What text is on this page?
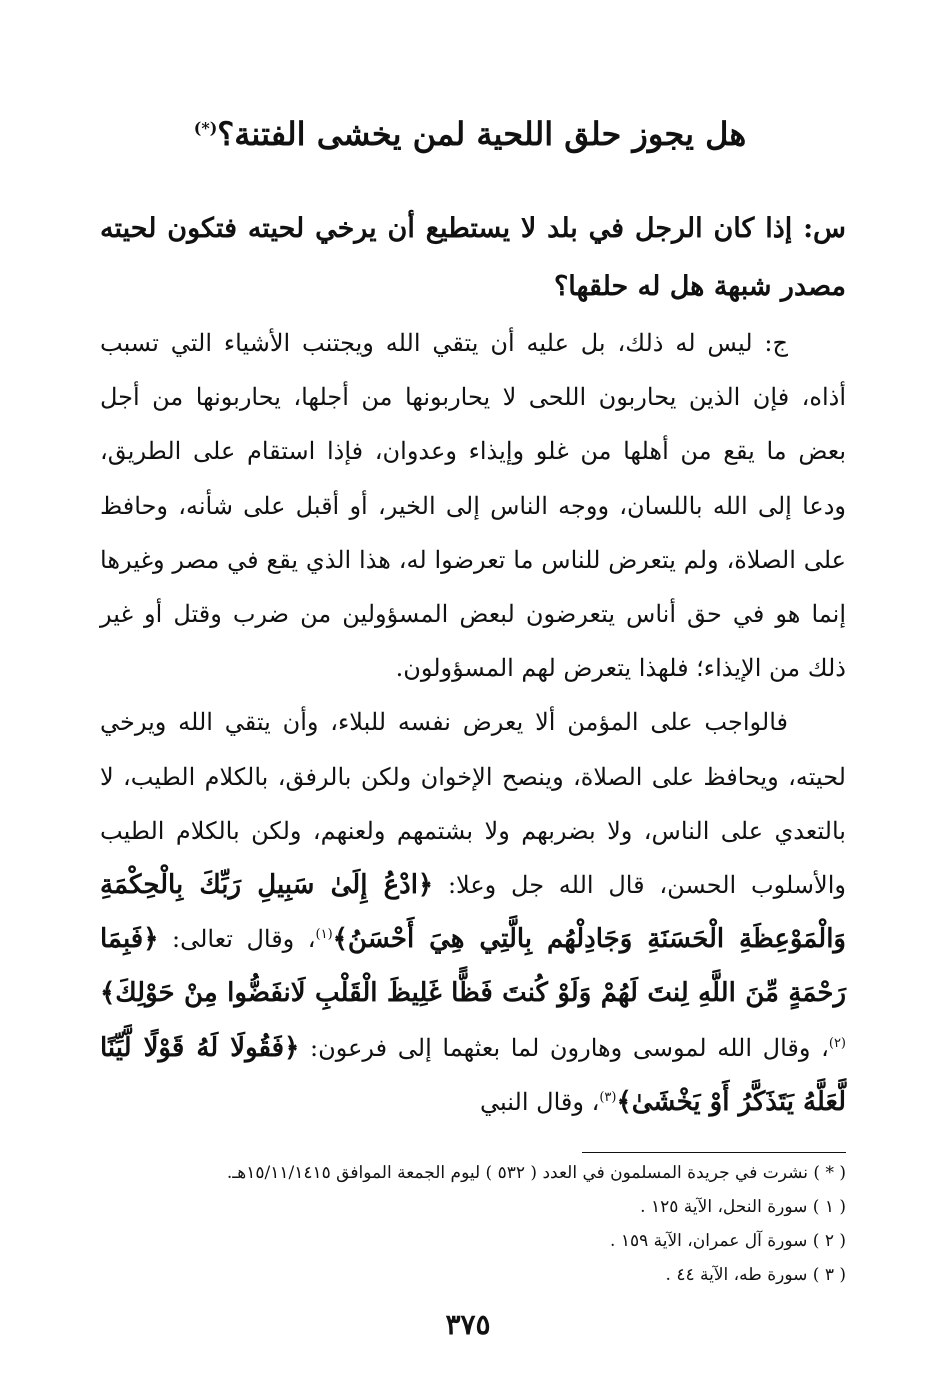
هل يجوز حلق اللحية لمن يخشى الفتنة؟(*)

س: إذا كان الرجل في بلد لا يستطيع أن يرخي لحيته فتكون لحيته مصدر شبهة هل له حلقها؟

ج: ليس له ذلك، بل عليه أن يتقي الله ويجتنب الأشياء التي تسبب أذاه، فإن الذين يحاربون اللحى لا يحاربونها من أجلها، يحاربونها من أجل بعض ما يقع من أهلها من غلو وإيذاء وعدوان، فإذا استقام على الطريق، ودعا إلى الله باللسان، ووجه الناس إلى الخير، أو أقبل على شأنه، وحافظ على الصلاة، ولم يتعرض للناس ما تعرضوا له، هذا الذي يقع في مصر وغيرها إنما هو في حق أناس يتعرضون لبعض المسؤولين من ضرب وقتل أو غير ذلك من الإيذاء؛ فلهذا يتعرض لهم المسؤولون.

فالواجب على المؤمن ألا يعرض نفسه للبلاء، وأن يتقي الله ويرخي لحيته، ويحافظ على الصلاة، وينصح الإخوان ولكن بالرفق، بالكلام الطيب، لا بالتعدي على الناس، ولا بضربهم ولا بشتمهم ولعنهم، ولكن بالكلام الطيب والأسلوب الحسن، قال الله جل وعلا: ﴿ادْعُ إِلَىٰ سَبِيلِ رَبِّكَ بِالْحِكْمَةِ وَالْمَوْعِظَةِ الْحَسَنَةِ وَجَادِلْهُم بِالَّتِي هِيَ أَحْسَنُ﴾$^{(١)}$، وقال تعالى: ﴿فَبِمَا رَحْمَةٍ مِّنَ اللَّهِ لِنتَ لَهُمْ وَلَوْ كُنتَ فَظًّا غَلِيظَ الْقَلْبِ لَانفَضُّوا مِنْ حَوْلِكَ﴾$^{(٢)}$، وقال الله لموسى وهارون لما بعثهما إلى فرعون: ﴿فَقُولَا لَهُ قَوْلًا لَّيِّنًا لَّعَلَّهُ يَتَذَكَّرُ أَوْ يَخْشَىٰ﴾$^{(٣)}$، وقال النبي

( * ) نشرت في جريدة المسلمون في العدد ( ٥٣٢ ) ليوم الجمعة الموافق ١٥/١١/١٤١٥هـ.
( ١ ) سورة النحل، الآية ١٢٥ .
( ٢ ) سورة آل عمران، الآية ١٥٩ .
( ٣ ) سورة طه، الآية ٤٤ .
٣٧٥
